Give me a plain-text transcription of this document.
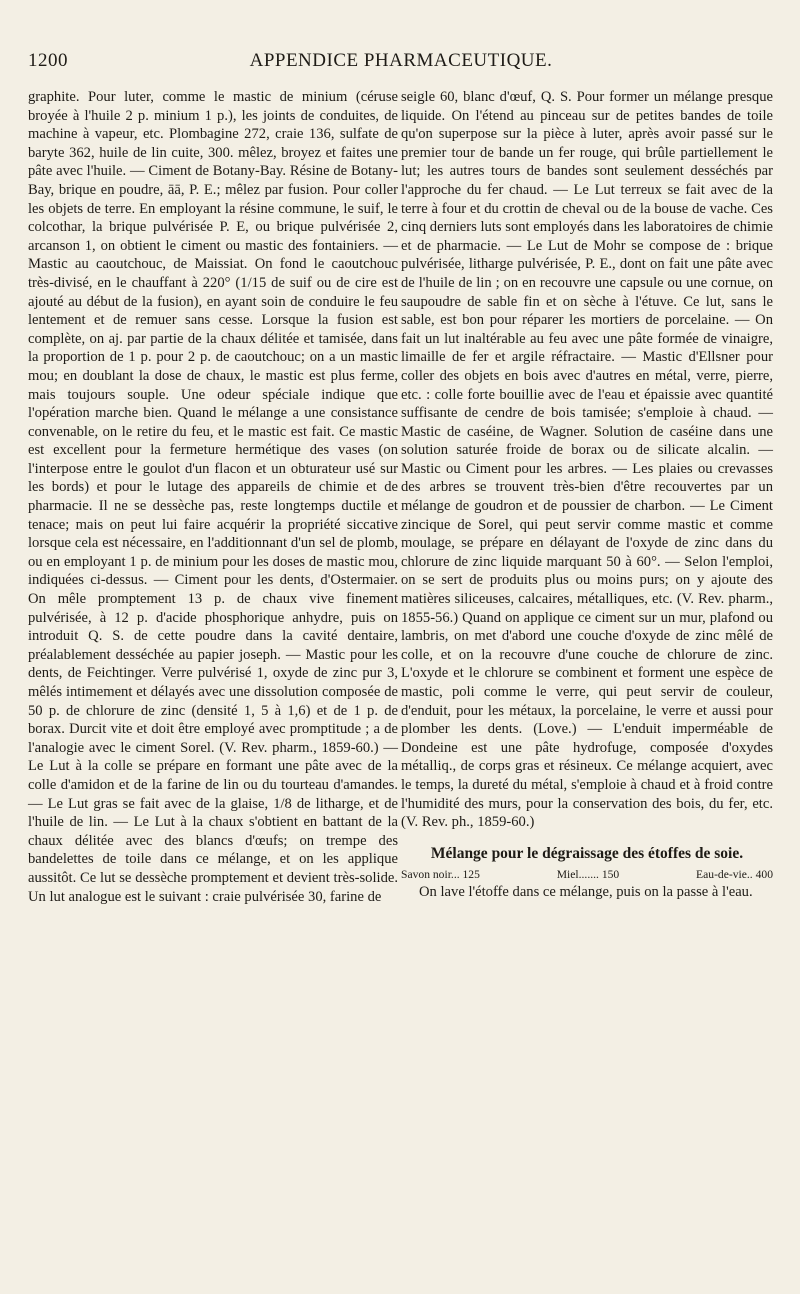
1200	APPENDICE PHARMACEUTIQUE.

graphite. Pour luter, comme le mastic de minium (céruse broyée à l'huile 2 p. minium 1 p.), les joints de conduites, de machine à vapeur, etc. Plombagine 272, craie 136, sulfate de baryte 362, huile de lin cuite, 300. mêlez, broyez et faites une pâte avec l'huile. — Ciment de Botany-Bay. Résine de Botany-Bay, brique en poudre, āā, P. E.; mêlez par fusion. Pour coller les objets de terre. En employant la résine commune, le suif, le colcothar, la brique pulvérisée P. E, ou brique pulvérisée 2, arcanson 1, on obtient le ciment ou mastic des fontainiers. — Mastic au caoutchouc, de Maissiat. On fond le caoutchouc très-divisé, en le chauffant à 220° (1/15 de suif ou de cire est ajouté au début de la fusion), en ayant soin de conduire le feu lentement et de remuer sans cesse. Lorsque la fusion est complète, on aj. par partie de la chaux délitée et tamisée, dans la proportion de 1 p. pour 2 p. de caoutchouc; on a un mastic mou; en doublant la dose de chaux, le mastic est plus ferme, mais toujours souple. Une odeur spéciale indique que l'opération marche bien. Quand le mélange a une consistance convenable, on le retire du feu, et le mastic est fait. Ce mastic est excellent pour la fermeture hermétique des vases (on l'interpose entre le goulot d'un flacon et un obturateur usé sur les bords) et pour le lutage des appareils de chimie et de pharmacie. Il ne se dessèche pas, reste longtemps ductile et tenace; mais on peut lui faire acquérir la propriété siccative lorsque cela est nécessaire, en l'additionnant d'un sel de plomb, ou en employant 1 p. de minium pour les doses de mastic mou, indiquées ci-dessus. — Ciment pour les dents, d'Ostermaier. On mêle promptement 13 p. de chaux vive finement pulvérisée, à 12 p. d'acide phosphorique anhydre, puis on introduit Q. S. de cette poudre dans la cavité dentaire, préalablement desséchée au papier joseph. — Mastic pour les dents, de Feichtinger. Verre pulvérisé 1, oxyde de zinc pur 3, mêlés intimement et délayés avec une dissolution composée de 50 p. de chlorure de zinc (densité 1, 5 à 1,6) et de 1 p. de borax. Durcit vite et doit être employé avec promptitude ; a de l'analogie avec le ciment Sorel. (V. Rev. pharm., 1859-60.) — Le Lut à la colle se prépare en formant une pâte avec de la colle d'amidon et de la farine de lin ou du tourteau d'amandes. — Le Lut gras se fait avec de la glaise, 1/8 de litharge, et de l'huile de lin. — Le Lut à la chaux s'obtient en battant de la chaux délitée avec des blancs d'œufs; on trempe des bandelettes de toile dans ce mélange, et on les applique aussitôt. Ce lut se dessèche promptement et devient très-solide. Un lut analogue est le suivant : craie pulvérisée 30, farine de

seigle 60, blanc d'œuf, Q. S. Pour former un mélange presque liquide. On l'étend au pinceau sur de petites bandes de toile qu'on superpose sur la pièce à luter, après avoir passé sur le premier tour de bande un fer rouge, qui brûle partiellement le lut; les autres tours de bandes sont seulement desséchés par l'approche du fer chaud. — Le Lut terreux se fait avec de la terre à four et du crottin de cheval ou de la bouse de vache. Ces cinq derniers luts sont employés dans les laboratoires de chimie et de pharmacie. — Le Lut de Mohr se compose de : brique pulvérisée, litharge pulvérisée, P. E., dont on fait une pâte avec de l'huile de lin ; on en recouvre une capsule ou une cornue, on saupoudre de sable fin et on sèche à l'étuve. Ce lut, sans le sable, est bon pour réparer les mortiers de porcelaine. — On fait un lut inaltérable au feu avec une pâte formée de vinaigre, limaille de fer et argile réfractaire. — Mastic d'Ellsner pour coller des objets en bois avec d'autres en métal, verre, pierre, etc. : colle forte bouillie avec de l'eau et épaissie avec quantité suffisante de cendre de bois tamisée; s'emploie à chaud. — Mastic de caséine, de Wagner. Solution de caséine dans une solution saturée froide de borax ou de silicate alcalin. — Mastic ou Ciment pour les arbres. — Les plaies ou crevasses des arbres se trouvent très-bien d'être recouvertes par un mélange de goudron et de poussier de charbon. — Le Ciment zincique de Sorel, qui peut servir comme mastic et comme moulage, se prépare en délayant de l'oxyde de zinc dans du chlorure de zinc liquide marquant 50 à 60°. — Selon l'emploi, on se sert de produits plus ou moins purs; on y ajoute des matières siliceuses, calcaires, métalliques, etc. (V. Rev. pharm., 1855-56.) Quand on applique ce ciment sur un mur, plafond ou lambris, on met d'abord une couche d'oxyde de zinc mêlé de colle, et on la recouvre d'une couche de chlorure de zinc. L'oxyde et le chlorure se combinent et forment une espèce de mastic, poli comme le verre, qui peut servir de couleur, d'enduit, pour les métaux, la porcelaine, le verre et aussi pour plomber les dents. (Love.) — L'enduit imperméable de Dondeine est une pâte hydrofuge, composée d'oxydes métalliq., de corps gras et résineux. Ce mélange acquiert, avec le temps, la dureté du métal, s'emploie à chaud et à froid contre l'humidité des murs, pour la conservation des bois, du fer, etc. (V. Rev. ph., 1859-60.)

Mélange pour le dégraissage des étoffes de soie.
Savon noir... 125	Miel....... 150	Eau-de-vie.. 400

On lave l'étoffe dans ce mélange, puis on la passe à l'eau.
